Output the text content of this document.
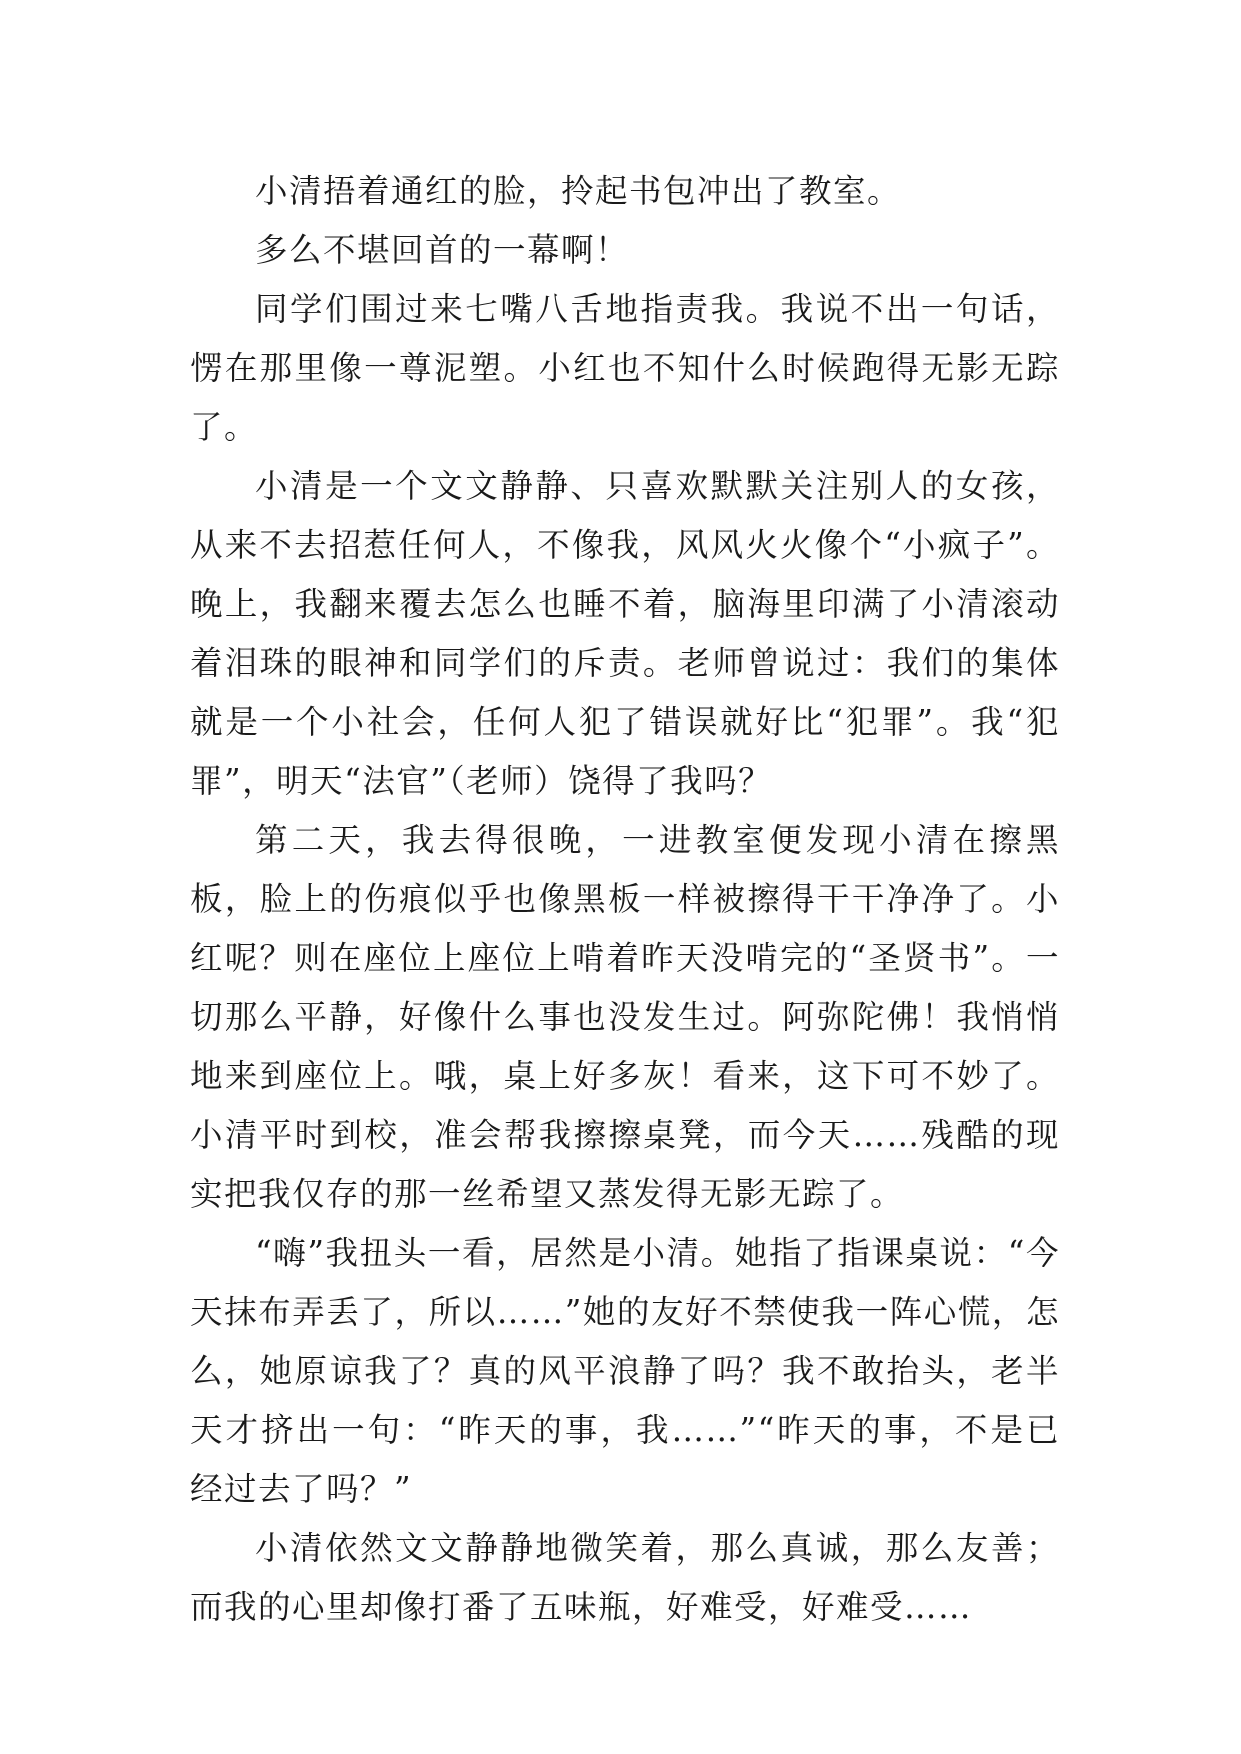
小清捂着通红的脸，拎起书包冲出了教室。

多么不堪回首的一幕啊！

同学们围过来七嘴八舌地指责我。我说不出一句话，愣在那里像一尊泥塑。小红也不知什么时候跑得无影无踪了。

小清是一个文文静静、只喜欢默默关注别人的女孩，从来不去招惹任何人，不像我，风风火火像个“小疯子”。晚上，我翻来覆去怎么也睡不着，脑海里印满了小清滚动着泪珠的眼神和同学们的斥责。老师曾说过：我们的集体就是一个小社会，任何人犯了错误就好比“犯罪”。我“犯罪”，明天“法官”（老师）饶得了我吗？

第二天，我去得很晚，一进教室便发现小清在擦黑板，脸上的伤痕似乎也像黑板一样被擦得干干净净了。小红呢？则在座位上座位上啃着昨天没啃完的“圣贤书”。一切那么平静，好像什么事也没发生过。阿弥陀佛！我悄悄地来到座位上。哦，桌上好多灰！看来，这下可不妙了。小清平时到校，准会帮我擦擦桌凳，而今天……残酷的现实把我仅存的那一丝希望又蒸发得无影无踪了。

“嗨”我扭头一看，居然是小清。她指了指课桌说：“今天抹布弄丢了，所以……”她的友好不禁使我一阵心慌，怎么，她原谅我了？真的风平浪静了吗？我不敢抬头，老半天才挤出一句：“昨天的事，我……”“昨天的事，不是已经过去了吗？”

小清依然文文静静地微笑着，那么真诚，那么友善；而我的心里却像打番了五味瓶，好难受，好难受……
